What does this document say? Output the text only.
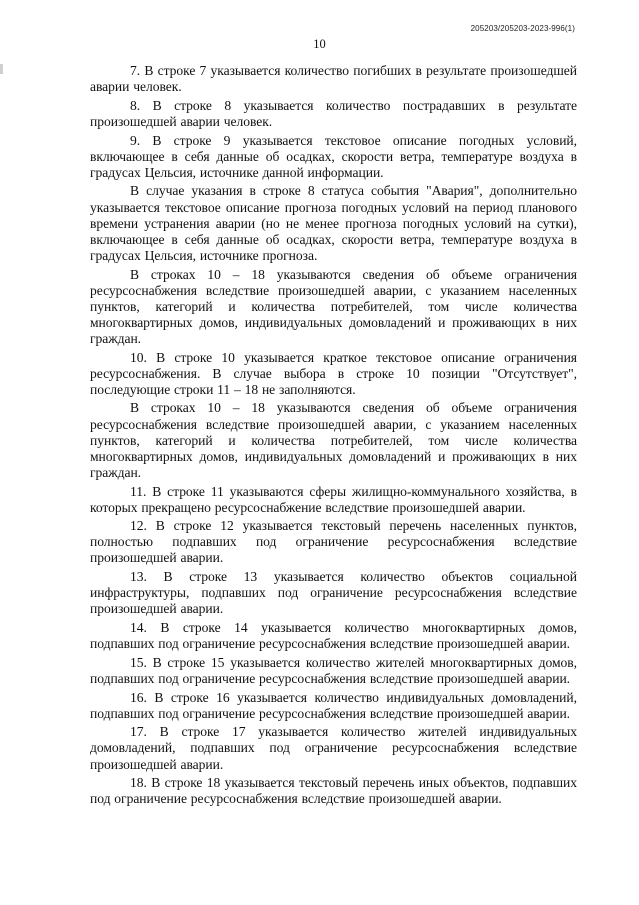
205203/205203-2023-996(1)
10

7. В строке 7 указывается количество погибших в результате произошедшей аварии человек.

8. В строке 8 указывается количество пострадавших в результате произошедшей аварии человек.

9. В строке 9 указывается текстовое описание погодных условий, включающее в себя данные об осадках, скорости ветра, температуре воздуха в градусах Цельсия, источнике данной информации.

В случае указания в строке 8 статуса события "Авария", дополнительно указывается текстовое описание прогноза погодных условий на период планового времени устранения аварии (но не менее прогноза погодных условий на сутки), включающее в себя данные об осадках, скорости ветра, температуре воздуха в градусах Цельсия, источнике прогноза.

В строках 10 – 18 указываются сведения об объеме ограничения ресурсоснабжения вследствие произошедшей аварии, с указанием населенных пунктов, категорий и количества потребителей, том числе количества многоквартирных домов, индивидуальных домовладений и проживающих в них граждан.

10. В строке 10 указывается краткое текстовое описание ограничения ресурсоснабжения. В случае выбора в строке 10 позиции "Отсутствует", последующие строки 11 – 18 не заполняются.

В строках 10 – 18 указываются сведения об объеме ограничения ресурсоснабжения вследствие произошедшей аварии, с указанием населенных пунктов, категорий и количества потребителей, том числе количества многоквартирных домов, индивидуальных домовладений и проживающих в них граждан.

11. В строке 11 указываются сферы жилищно-коммунального хозяйства, в которых прекращено ресурсоснабжение вследствие произошедшей аварии.

12. В строке 12 указывается текстовый перечень населенных пунктов, полностью подпавших под ограничение ресурсоснабжения вследствие произошедшей аварии.

13. В строке 13 указывается количество объектов социальной инфраструктуры, подпавших под ограничение ресурсоснабжения вследствие произошедшей аварии.

14. В строке 14 указывается количество многоквартирных домов, подпавших под ограничение ресурсоснабжения вследствие произошедшей аварии.

15. В строке 15 указывается количество жителей многоквартирных домов, подпавших под ограничение ресурсоснабжения вследствие произошедшей аварии.

16. В строке 16 указывается количество индивидуальных домовладений, подпавших под ограничение ресурсоснабжения вследствие произошедшей аварии.

17. В строке 17 указывается количество жителей индивидуальных домовладений, подпавших под ограничение ресурсоснабжения вследствие произошедшей аварии.

18. В строке 18 указывается текстовый перечень иных объектов, подпавших под ограничение ресурсоснабжения вследствие произошедшей аварии.
